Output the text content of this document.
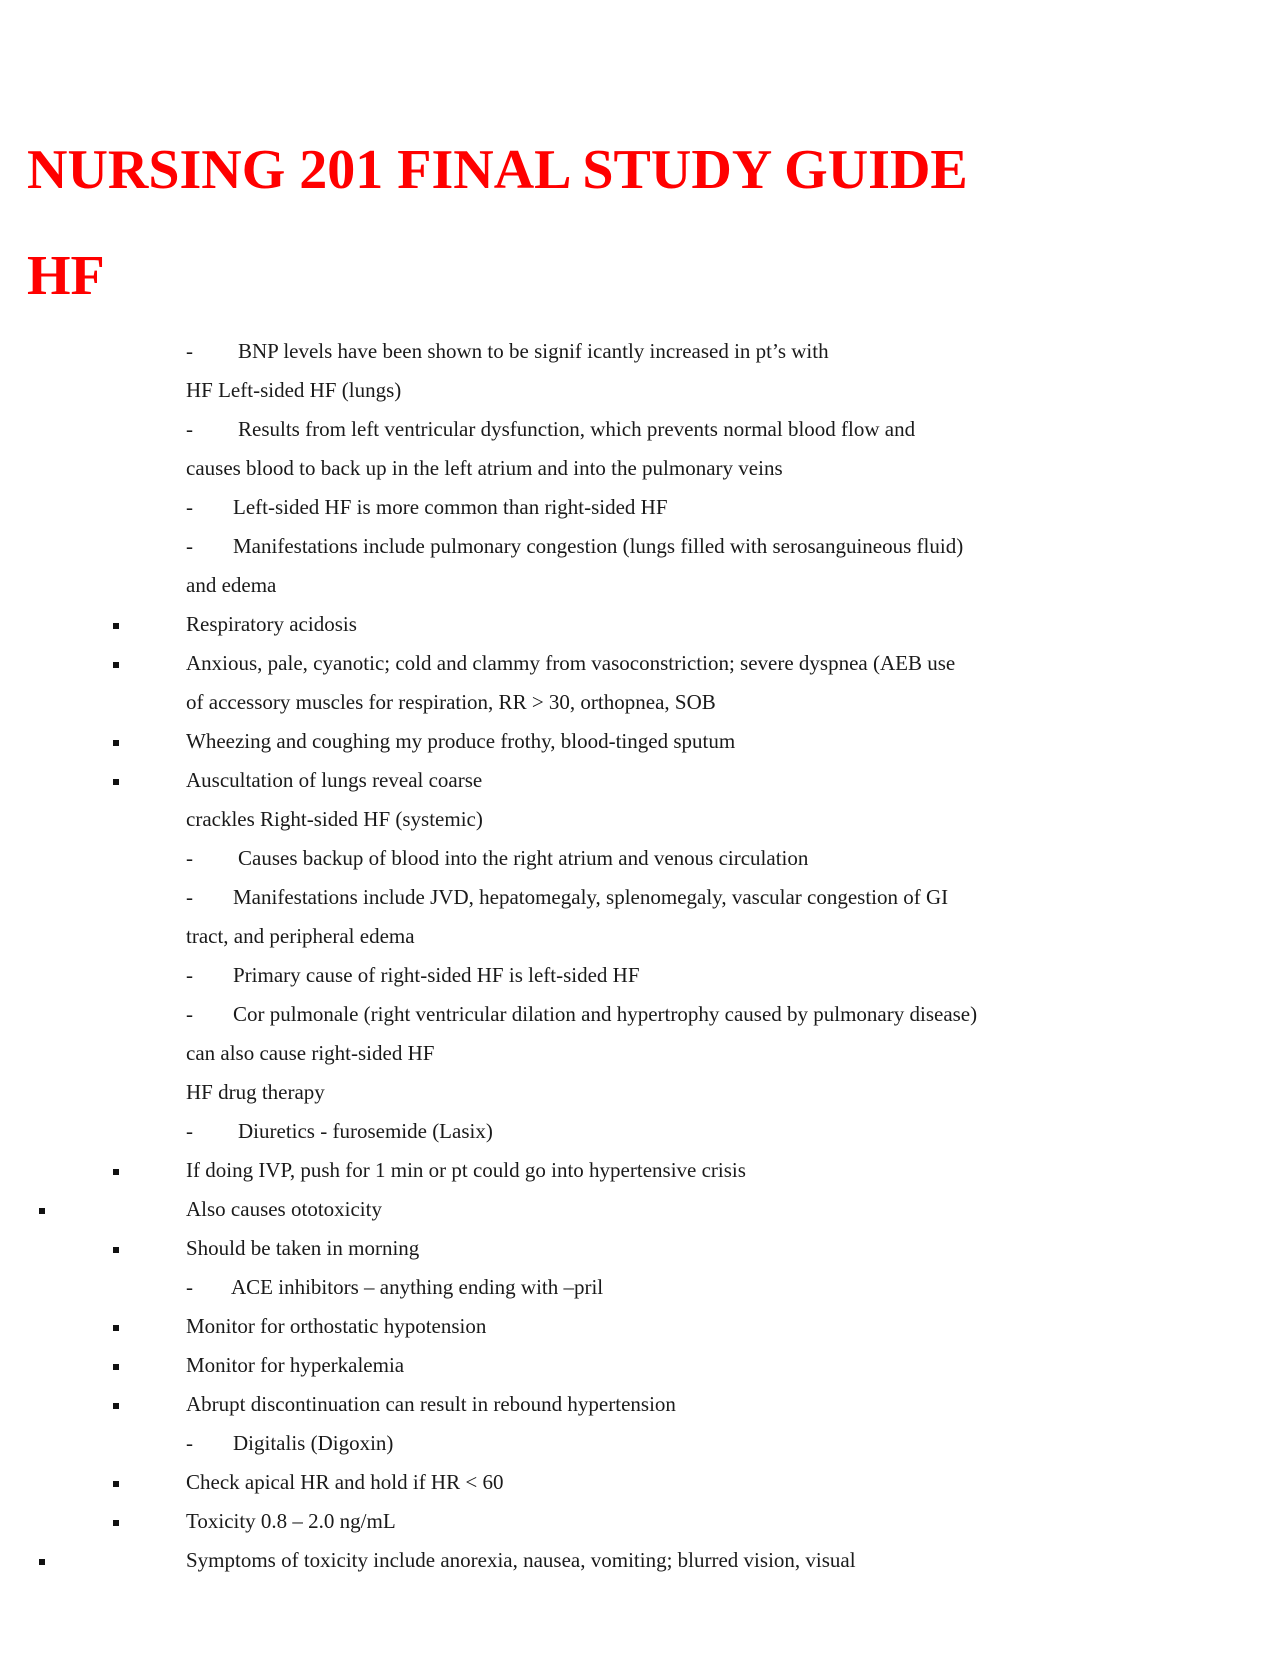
NURSING 201 FINAL STUDY GUIDE
HF
-	BNP levels have been shown to be signif icantly increased in pt’s with
HF Left-sided HF (lungs)
-	Results from left ventricular dysfunction, which prevents normal blood flow and
causes blood to back up in the left atrium and into the pulmonary veins
-	Left-sided HF is more common than right-sided HF
-	Manifestations include pulmonary congestion (lungs filled with serosanguineous fluid)
and edema
Respiratory acidosis
Anxious, pale, cyanotic; cold and clammy from vasoconstriction; severe dyspnea (AEB use
of accessory muscles for respiration, RR > 30, orthopnea, SOB
Wheezing and coughing my produce frothy, blood-tinged sputum
Auscultation of lungs reveal coarse
crackles Right-sided HF (systemic)
-	Causes backup of blood into the right atrium and venous circulation
-	Manifestations include JVD, hepatomegaly, splenomegaly, vascular congestion of GI
tract, and peripheral edema
-	Primary cause of right-sided HF is left-sided HF
-	Cor pulmonale (right ventricular dilation and hypertrophy caused by pulmonary disease)
can also cause right-sided HF
HF drug therapy
-	Diuretics - furosemide (Lasix)
If doing IVP, push for 1 min or pt could go into hypertensive crisis
Also causes ototoxicity
Should be taken in morning
-	ACE inhibitors – anything ending with –pril
Monitor for orthostatic hypotension
Monitor for hyperkalemia
Abrupt discontinuation can result in rebound hypertension
-	Digitalis (Digoxin)
Check apical HR and hold if HR < 60
Toxicity 0.8 – 2.0 ng/mL
Symptoms of toxicity include anorexia, nausea, vomiting; blurred vision, visual
